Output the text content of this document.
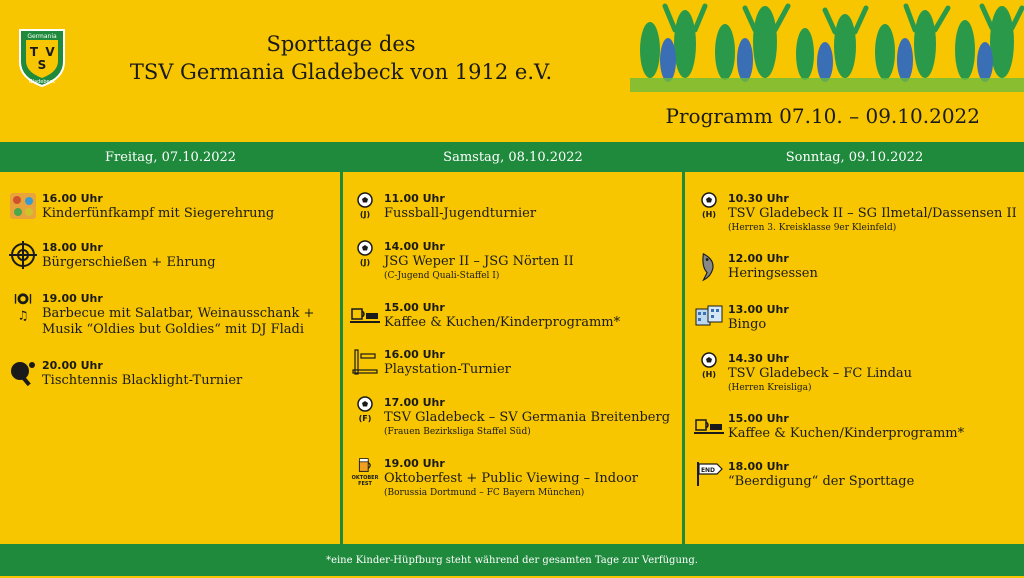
Germania
T V
S
Gladebeck
Sporttage des
TSV Germania Gladebeck von 1912 e.V.
Programm 07.10. – 09.10.2022
Freitag, 07.10.2022	Samstag, 08.10.2022	Sonntag, 09.10.2022
16.00 Uhr
Kinderfünfkampf mit Siegerehrung
18.00 Uhr
Bürgerschießen + Ehrung
♫
19.00 Uhr
Barbecue mit Salatbar, Weinausschank +
Musik “Oldies but Goldies“ mit DJ Fladi
20.00 Uhr
Tischtennis Blacklight-Turnier
(J)
11.00 Uhr
Fussball-Jugendturnier
(J)
14.00 Uhr
JSG Weper II – JSG Nörten II
(C-Jugend Quali-Staffel I)
15.00 Uhr
Kaffee & Kuchen/Kinderprogramm*
16.00 Uhr
Playstation-Turnier
(F)
17.00 Uhr
TSV Gladebeck – SV Germania Breitenberg
(Frauen Bezirksliga Staffel Süd)
OKTOBER FEST
19.00 Uhr
Oktoberfest + Public Viewing – Indoor
(Borussia Dortmund – FC Bayern München)
(H)
10.30 Uhr
TSV Gladebeck II – SG Ilmetal/Dassensen II
(Herren 3. Kreisklasse 9er Kleinfeld)
12.00 Uhr
Heringsessen
13.00 Uhr
Bingo
(H)
14.30 Uhr
TSV Gladebeck – FC Lindau
(Herren Kreisliga)
15.00 Uhr
Kaffee & Kuchen/Kinderprogramm*
END 18.00 Uhr
“Beerdigung“ der Sporttage
*eine Kinder-Hüpfburg steht während der gesamten Tage zur Verfügung.
